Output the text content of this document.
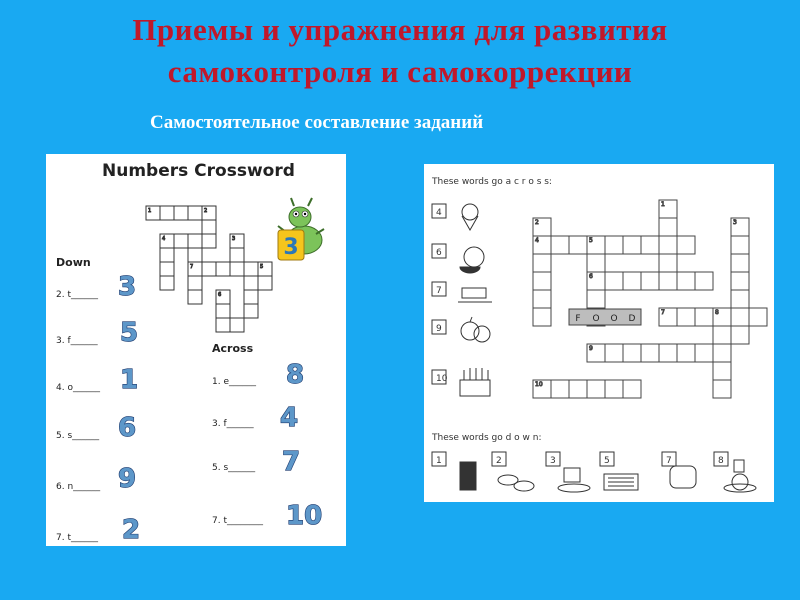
Приемы и упражнения для развития
самоконтроля и самокоррекции
Самостоятельное составление заданий
Numbers Crossword
1	2
3
4
5
6
7
3
Down
Across
2. t______
3. f______
4. o______
5. s______
6. n______
7. t______
3
5
1
6
9
2
1. e______
3. f______
5. s______
7. t________
8
4
7
10
These words go a c r o s s:
4
6
7
9
10
1
2	3
4	5
6
7	8
9
10
F O O D
These words go d o w n:
1	2	3	5	7	8
